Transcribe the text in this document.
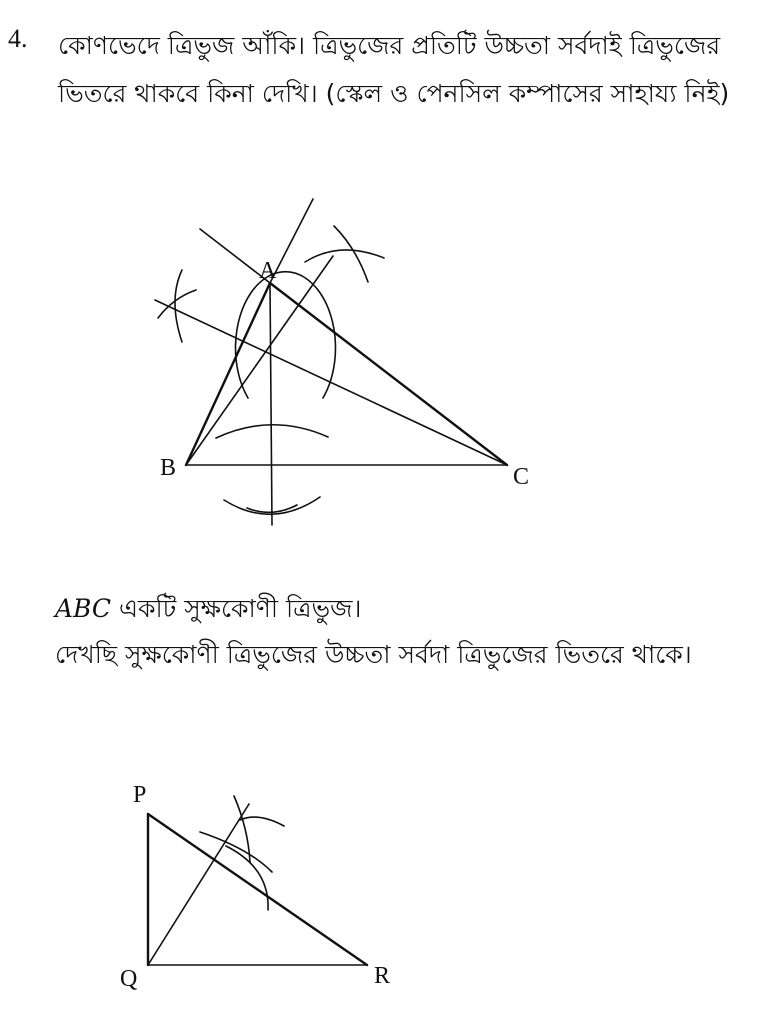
4. কোণভেদে ত্রিভুজ আঁকি। ত্রিভুজের প্রতিটি উচ্চতা সর্বদাই ত্রিভুজের
ভিতরে থাকবে কিনা দেখি। (স্কেল ও পেনসিল কম্পাসের সাহায্য নিই)
A
B	C
ABC একটি সুক্ষকোণী ত্রিভুজ।
দেখছি সুক্ষকোণী ত্রিভুজের উচ্চতা সর্বদা ত্রিভুজের ভিতরে থাকে।
P
Q	R
